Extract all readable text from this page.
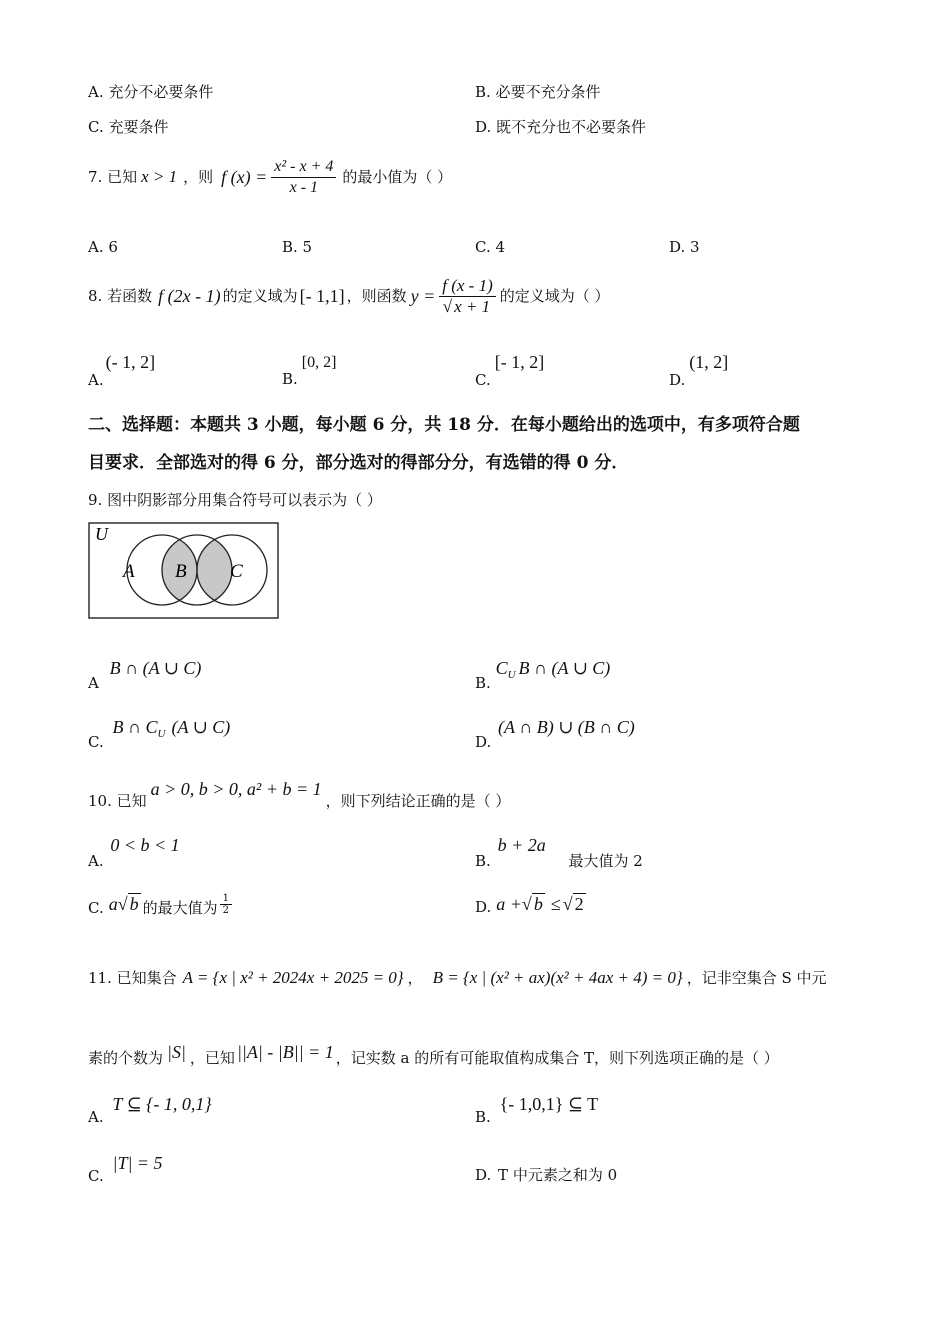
A. 充分不必要条件	B. 必要不充分条件
C. 充要条件	D. 既不充分也不必要条件
7. 已知 x > 1 ，则 f $(x) = \frac{\text{x² - x + 4}}{x - 1}$ 的最小值为（ ）
A. 6	B. 5	C. 4	D. 3
8. 若函数 f (2x - 1) 的定义域为 [- 1,1] ，则函数 $y = \frac{f (x - 1)}{√ x + 1}$ 的定义域为（ ）
A.(- 1, 2]
B.[0, 2]
C.[- 1, 2]
D.(1, 2]
二、选择题：本题共 3 小题，每小题 6 分，共 18 分．在每小题给出的选项中，有多项符合题
目要求．全部选对的得 6 分，部分选对的得部分分，有选错的得 0 分．
9. 图中阴影部分用集合符号可以表示为（ ）
U
A B C
A B ∩ (A ∪ C)
B. $C_U$ B ∩ (A ∪ C)
C. B ∩ $C_U$ (A ∪ C)
D. (A ∩ B) ∪ (B ∩ C)
10. 已知
a > 0, b > 0, a² + b = 1
，则下列结论正确的是（ ）
A. 0 < b < 1
B. b + 2a 最大值为 2
C. a √ b 的最大值为 $\frac{1}{2}$	D. a + √ b ≤ √ 2
11. 已知集合 A = {x | x² + 2024x + 2025 = 0} ， B = {x | (x² + ax)(x² + 4ax + 4) = 0} ，记非空集合 S 中元
素的个数为 |S| ，已知 ||A| - |B|| = 1 ，记实数 a 的所有可能取值构成集合 T，则下列选项正确的是（ ）
A. T ⊆ {- 1, 0,1}
B. {- 1,0,1} ⊆ T
C. |T| = 5
D. T 中元素之和为 0
